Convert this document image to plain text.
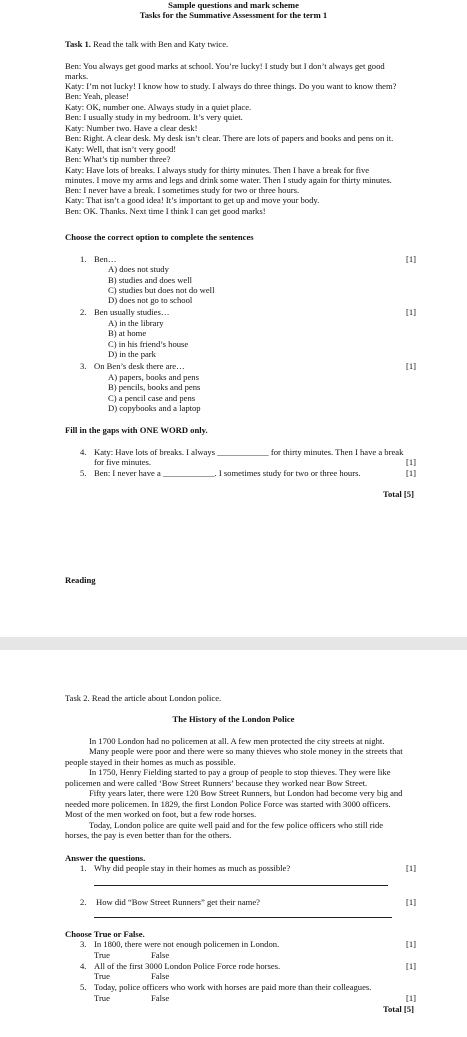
Sample questions and mark scheme
Tasks for the Summative Assessment for the term 1
Task 1. Read the talk with Ben and Katy twice.
Ben: You always get good marks at school. You’re lucky! I study but I don’t always get good
marks.
Katy: I’m not lucky! I know how to study. I always do three things. Do you want to know them?
Ben: Yeah, please!
Katy: OK, number one. Always study in a quiet place.
Ben: I usually study in my bedroom. It’s very quiet.
Katy: Number two. Have a clear desk!
Ben: Right. A clear desk. My desk isn’t clear. There are lots of papers and books and pens on it.
Katy: Well, that isn’t very good!
Ben: What’s tip number three?
Katy: Have lots of breaks. I always study for thirty minutes. Then I have a break for five
minutes. I move my arms and legs and drink some water. Then I study again for thirty minutes.
Ben: I never have a break. I sometimes study for two or three hours.
Katy: That isn’t a good idea! It’s important to get up and move your body.
Ben: OK. Thanks. Next time I think I can get good marks!
Choose the correct option to complete the sentences
1. Ben…	[1]
A) does not study
B) studies and does well
C) studies but does not do well
D) does not go to school
2. Ben usually studies…	[1]
A) in the library
B) at home
C) in his friend’s house
D) in the park
3. On Ben’s desk there are…	[1]
A) papers, books and pens
B) pencils, books and pens
C) a pencil case and pens
D) copybooks and a laptop
Fill in the gaps with ONE WORD only.
4. Katy: Have lots of breaks. I always ____________ for thirty minutes. Then I have a break
for five minutes.	[1]
5. Ben: I never have a ____________. I sometimes study for two or three hours.	[1]
Total [5]
Reading
Task 2. Read the article about London police.
The History of the London Police
In 1700 London had no policemen at all. A few men protected the city streets at night.
Many people were poor and there were so many thieves who stole money in the streets that
people stayed in their homes as much as possible.
In 1750, Henry Fielding started to pay a group of people to stop thieves. They were like
policemen and were called ‘Bow Street Runners’ because they worked near Bow Street.
Fifty years later, there were 120 Bow Street Runners, but London had become very big and
needed more policemen. In 1829, the first London Police Force was started with 3000 officers.
Most of the men worked on foot, but a few rode horses.
Today, London police are quite well paid and for the few police officers who still ride
horses, the pay is even better than for the others.
Answer the questions.
1. Why did people stay in their homes as much as possible?	[1]
2. How did “Bow Street Runners” get their name?	[1]
Choose True or False.
3. In 1800, there were not enough policemen in London.	[1]
True	False
4. All of the first 3000 London Police Force rode horses.	[1]
True	False
5. Today, police officers who work with horses are paid more than their colleagues.
True	False	[1]
Total [5]
